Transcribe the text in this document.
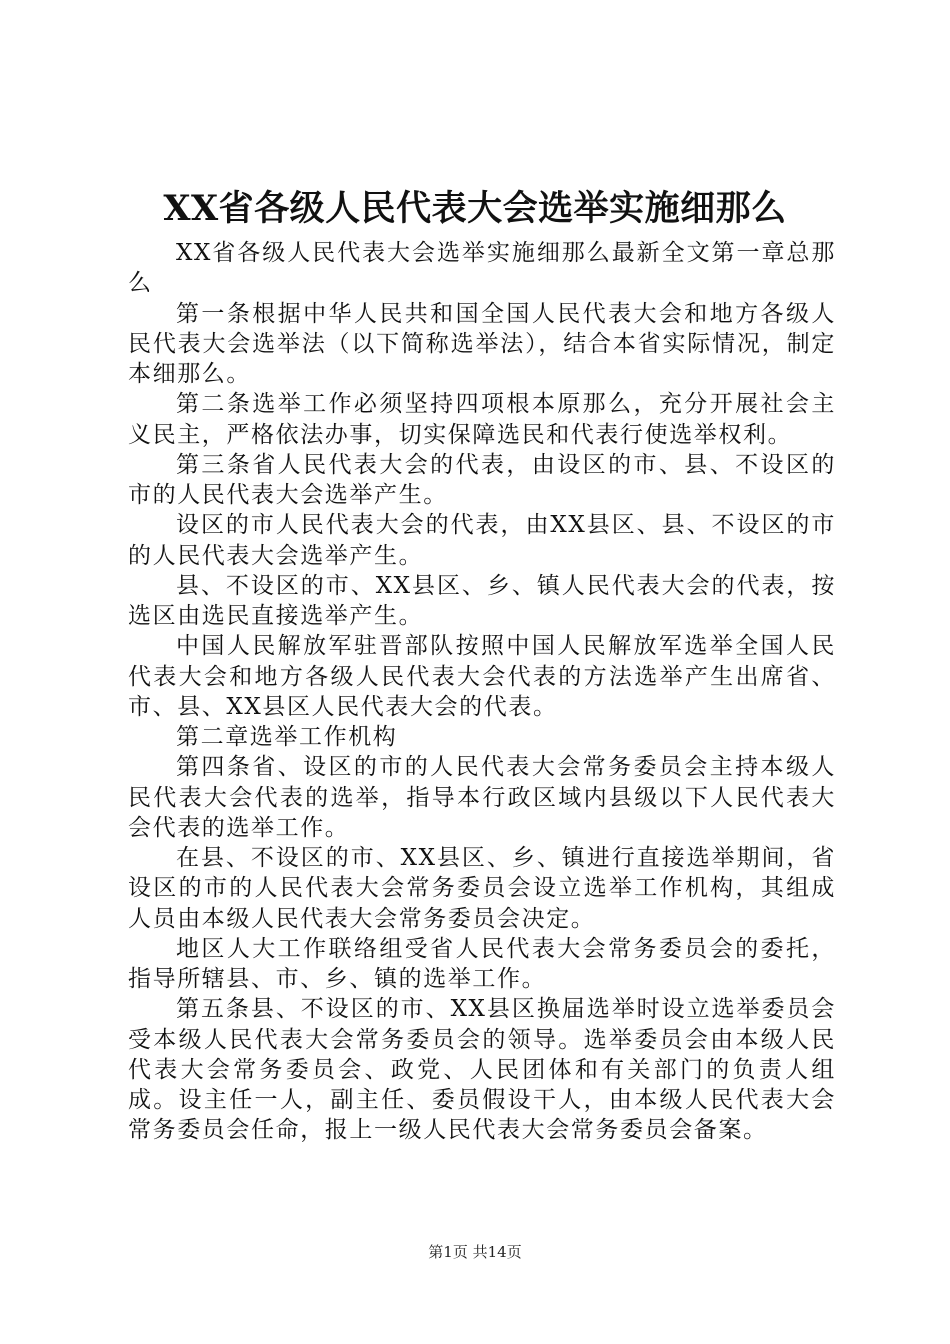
XX省各级人民代表大会选举实施细那么

XX省各级人民代表大会选举实施细那么最新全文第一章总那么

第一条根据中华人民共和国全国人民代表大会和地方各级人民代表大会选举法（以下简称选举法），结合本省实际情况，制定本细那么。

第二条选举工作必须坚持四项根本原那么，充分开展社会主义民主，严格依法办事，切实保障选民和代表行使选举权利。

第三条省人民代表大会的代表，由设区的市、县、不设区的市的人民代表大会选举产生。

设区的市人民代表大会的代表，由XX县区、县、不设区的市的人民代表大会选举产生。

县、不设区的市、XX县区、乡、镇人民代表大会的代表，按选区由选民直接选举产生。

中国人民解放军驻晋部队按照中国人民解放军选举全国人民代表大会和地方各级人民代表大会代表的方法选举产生出席省、市、县、XX县区人民代表大会的代表。

第二章选举工作机构

第四条省、设区的市的人民代表大会常务委员会主持本级人民代表大会代表的选举，指导本行政区域内县级以下人民代表大会代表的选举工作。

在县、不设区的市、XX县区、乡、镇进行直接选举期间，省设区的市的人民代表大会常务委员会设立选举工作机构，其组成人员由本级人民代表大会常务委员会决定。

地区人大工作联络组受省人民代表大会常务委员会的委托，指导所辖县、市、乡、镇的选举工作。

第五条县、不设区的市、XX县区换届选举时设立选举委员会受本级人民代表大会常务委员会的领导。选举委员会由本级人民代表大会常务委员会、政党、人民团体和有关部门的负责人组成。设主任一人，副主任、委员假设干人，由本级人民代表大会常务委员会任命，报上一级人民代表大会常务委员会备案。

第1页 共14页
